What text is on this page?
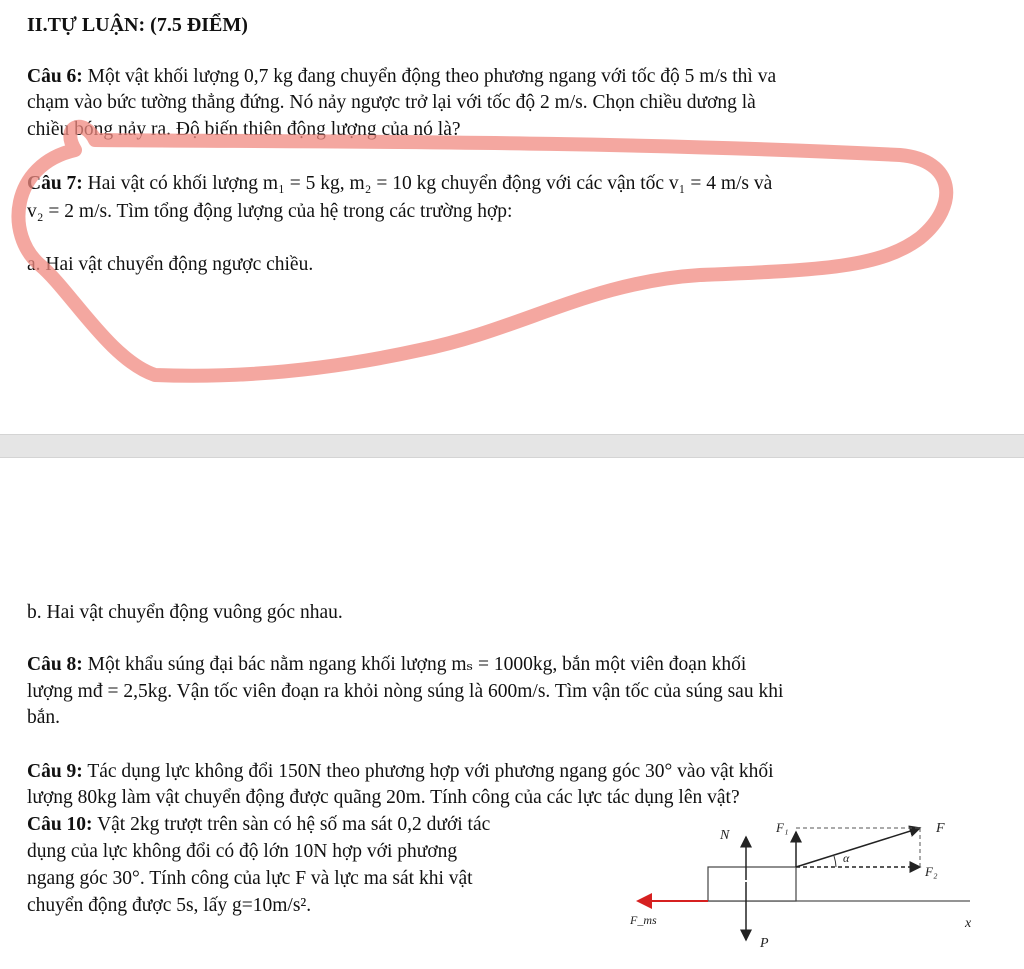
II.TỰ LUẬN: (7.5 ĐIỂM)
Câu 6: Một vật khối lượng 0,7 kg đang chuyển động theo phương ngang với tốc độ 5 m/s thì va
chạm vào bức tường thẳng đứng. Nó nảy ngược trở lại với tốc độ 2 m/s. Chọn chiều dương là
chiều bóng nảy ra. Độ biến thiên động lượng của nó là?
Câu 7: Hai vật có khối lượng m₁ = 5 kg, m₂ = 10 kg chuyển động với các vận tốc v₁ = 4 m/s và
v₂ = 2 m/s. Tìm tổng động lượng của hệ trong các trường hợp:
a. Hai vật chuyển động ngược chiều.
b. Hai vật chuyển động vuông góc nhau.
Câu 8: Một khẩu súng đại bác nằm ngang khối lượng mₛ = 1000kg, bắn một viên đoạn khối
lượng mđ = 2,5kg. Vận tốc viên đoạn ra khỏi nòng súng là 600m/s. Tìm vận tốc của súng sau khi
bắn.
Câu 9: Tác dụng lực không đổi 150N theo phương hợp với phương ngang góc 30° vào vật khối
lượng 80kg làm vật chuyển động được quãng 20m. Tính công của các lực tác dụng lên vật?
Câu 10: Vật 2kg trượt trên sàn có hệ số ma sát 0,2 dưới tác
dụng của lực không đổi có độ lớn 10N hợp với phương
ngang góc 30°. Tính công của lực F và lực ma sát khi vật
chuyển động được 5s, lấy g=10m/s².
N
F₁	F
α
F₂
F_ms
P
x
